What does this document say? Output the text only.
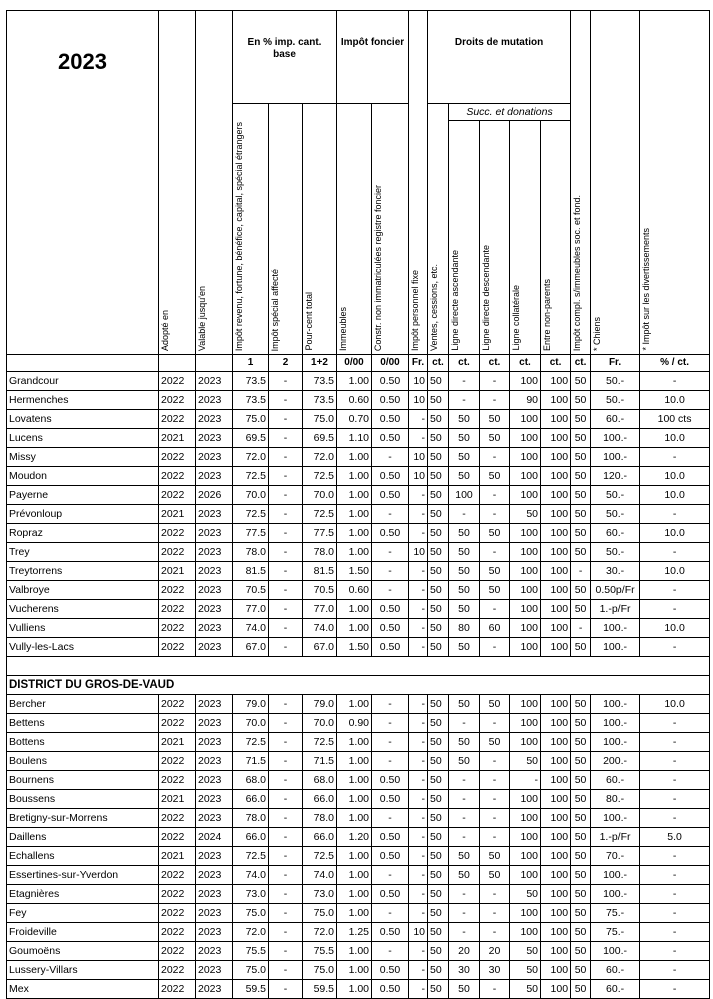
2023	Adopté en	Valable jusqu'en	En % imp. cant. base			Impôt foncier		Impôt personnel fixe	Droits de mutation					Impôt compl. s/immeubles soc. et fond.	* Chiens	* Impôt sur les divertissements

			Impôt revenu, fortune, bénéfice, capital, spécial étrangers	Impôt spécial affecté	Pour-cent total	Immeubles	Constr. non immatriculées registre foncier		Ventes, cessions, etc.	Succ. et donations						

										Ligne directe ascendante	Ligne directe descendante	Ligne collatérale	Entre non-parents			

			1	2	1+2	0/00	0/00	Fr.	ct.	ct.	ct.	ct.	ct.	ct.	Fr.	% / ct.
Grandcour	2022	2023	73.5	-	73.5	1.00	0.50	10	50	-	-	100	100	50	50.-	-
Hermenches	2022	2023	73.5	-	73.5	0.60	0.50	10	50	-	-	90	100	50	50.-	10.0
Lovatens	2022	2023	75.0	-	75.0	0.70	0.50	-	50	50	50	100	100	50	60.-	100 cts
Lucens	2021	2023	69.5	-	69.5	1.10	0.50	-	50	50	50	100	100	50	100.-	10.0
Missy	2022	2023	72.0	-	72.0	1.00	-	10	50	50	-	100	100	50	100.-	-
Moudon	2022	2023	72.5	-	72.5	1.00	0.50	10	50	50	50	100	100	50	120.-	10.0
Payerne	2022	2026	70.0	-	70.0	1.00	0.50	-	50	100	-	100	100	50	50.-	10.0
Prévonloup	2021	2023	72.5	-	72.5	1.00	-	-	50	-	-	50	100	50	50.-	-
Ropraz	2022	2023	77.5	-	77.5	1.00	0.50	-	50	50	50	100	100	50	60.-	10.0
Trey	2022	2023	78.0	-	78.0	1.00	-	10	50	50	-	100	100	50	50.-	-
Treytorrens	2021	2023	81.5	-	81.5	1.50	-	-	50	50	50	100	100	-	30.-	10.0
Valbroye	2022	2023	70.5	-	70.5	0.60	-	-	50	50	50	100	100	50	0.50p/Fr	-
Vucherens	2022	2023	77.0	-	77.0	1.00	0.50	-	50	50	-	100	100	50	1.-p/Fr	-
Vulliens	2022	2023	74.0	-	74.0	1.00	0.50	-	50	80	60	100	100	-	100.-	10.0
Vully-les-Lacs	2022	2023	67.0	-	67.0	1.50	0.50	-	50	50	-	100	100	50	100.-	-

DISTRICT DU GROS-DE-VAUD																
Bercher	2022	2023	79.0	-	79.0	1.00	-	-	50	50	50	100	100	50	100.-	10.0
Bettens	2022	2023	70.0	-	70.0	0.90	-	-	50	-	-	100	100	50	100.-	-
Bottens	2021	2023	72.5	-	72.5	1.00	-	-	50	50	50	100	100	50	100.-	-
Boulens	2022	2023	71.5	-	71.5	1.00	-	-	50	50	-	50	100	50	200.-	-
Bournens	2022	2023	68.0	-	68.0	1.00	0.50	-	50	-	-	-	100	50	60.-	-
Boussens	2021	2023	66.0	-	66.0	1.00	0.50	-	50	-	-	100	100	50	80.-	-
Bretigny-sur-Morrens	2022	2023	78.0	-	78.0	1.00	-	-	50	-	-	100	100	50	100.-	-
Daillens	2022	2024	66.0	-	66.0	1.20	0.50	-	50	-	-	100	100	50	1.-p/Fr	5.0
Echallens	2021	2023	72.5	-	72.5	1.00	0.50	-	50	50	50	100	100	50	70.-	-
Essertines-sur-Yverdon	2022	2023	74.0	-	74.0	1.00	-	-	50	50	50	100	100	50	100.-	-
Etagnières	2022	2023	73.0	-	73.0	1.00	0.50	-	50	-	-	50	100	50	100.-	-
Fey	2022	2023	75.0	-	75.0	1.00	-	-	50	-	-	100	100	50	75.-	-
Froideville	2022	2023	72.0	-	72.0	1.25	0.50	10	50	-	-	100	100	50	75.-	-
Goumoëns	2022	2023	75.5	-	75.5	1.00	-	-	50	20	20	50	100	50	100.-	-
Lussery-Villars	2022	2023	75.0	-	75.0	1.00	0.50	-	50	30	30	50	100	50	60.-	-
Mex	2022	2023	59.5	-	59.5	1.00	0.50	-	50	50	-	50	100	50	60.-	-
